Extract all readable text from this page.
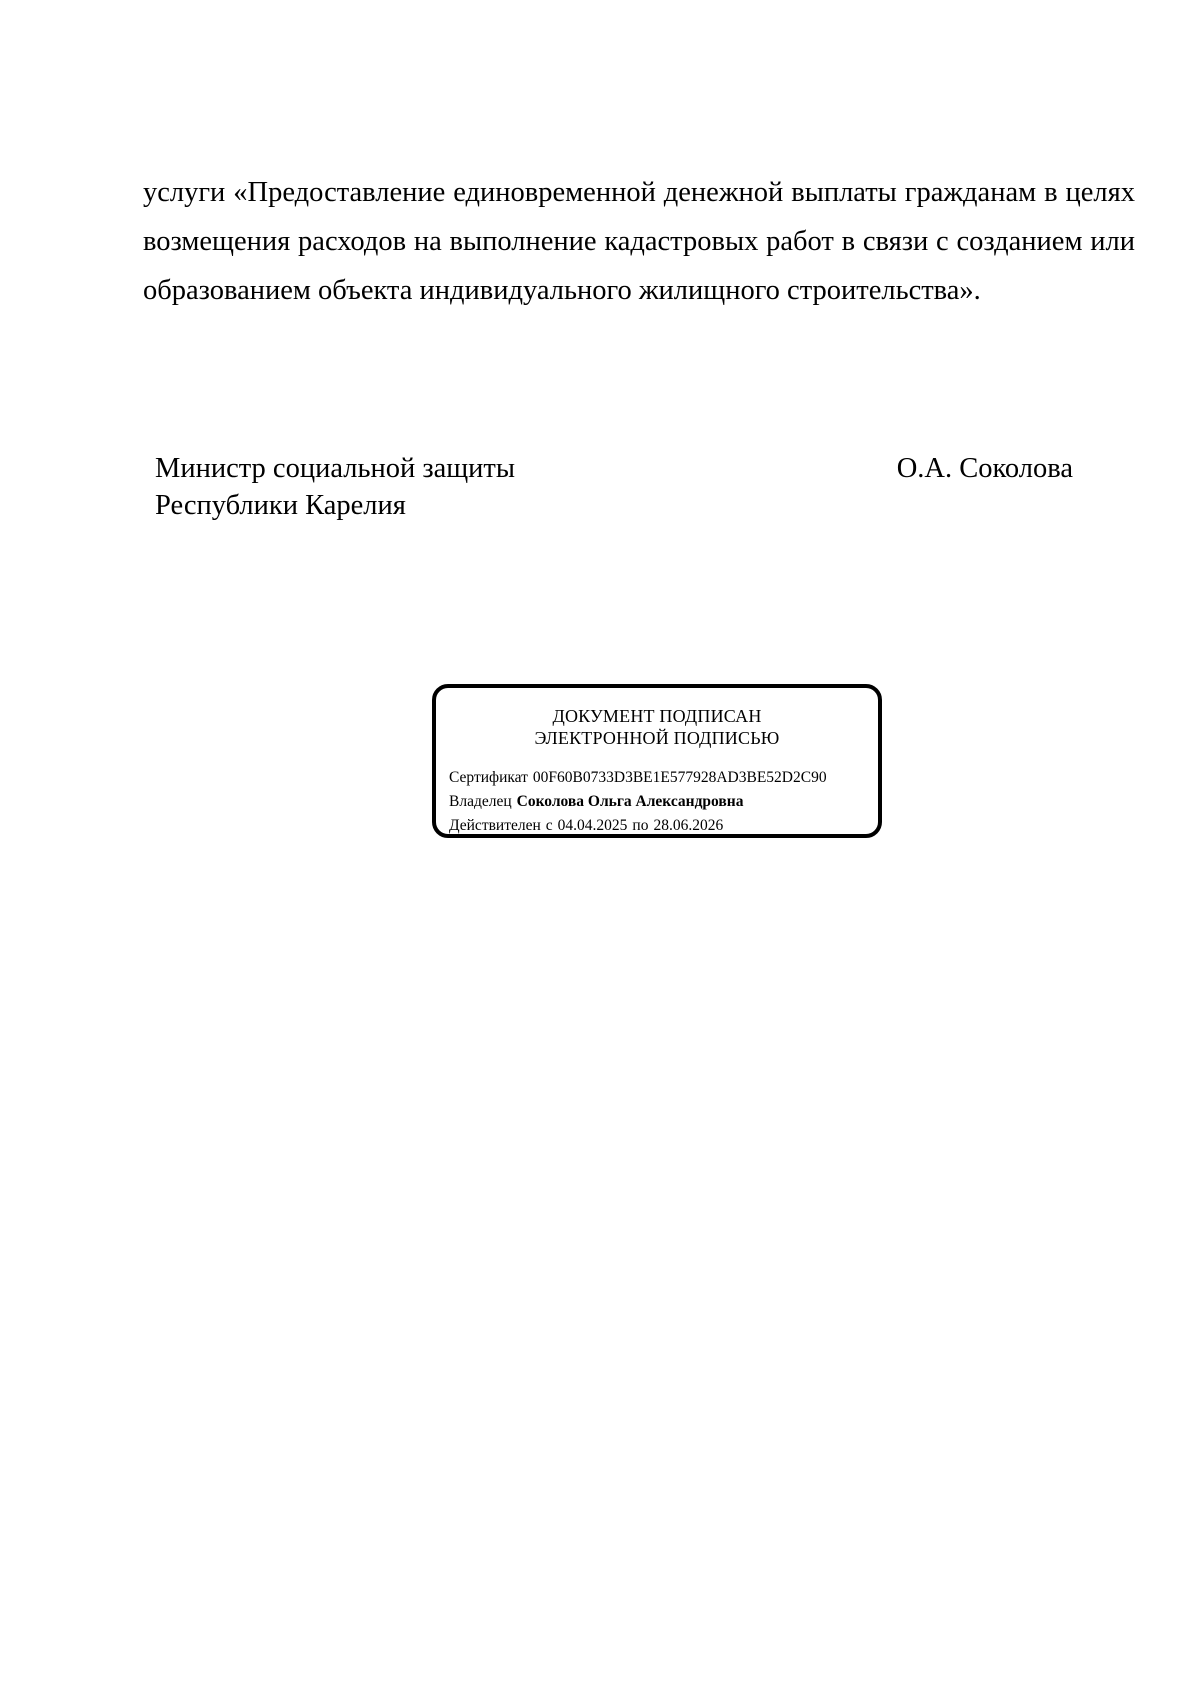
услуги «Предоставление единовременной денежной выплаты гражданам в целях
возмещения расходов на выполнение кадастровых работ в связи с созданием или
образованием объекта индивидуального жилищного строительства».
Министр социальной защиты
Республики Карелия
О.А. Соколова
ДОКУМЕНТ ПОДПИСАН
ЭЛЕКТРОННОЙ ПОДПИСЬЮ
Сертификат 00F60B0733D3BE1E577928AD3BE52D2C90
Владелец Соколова Ольга Александровна
Действителен с 04.04.2025 по 28.06.2026
